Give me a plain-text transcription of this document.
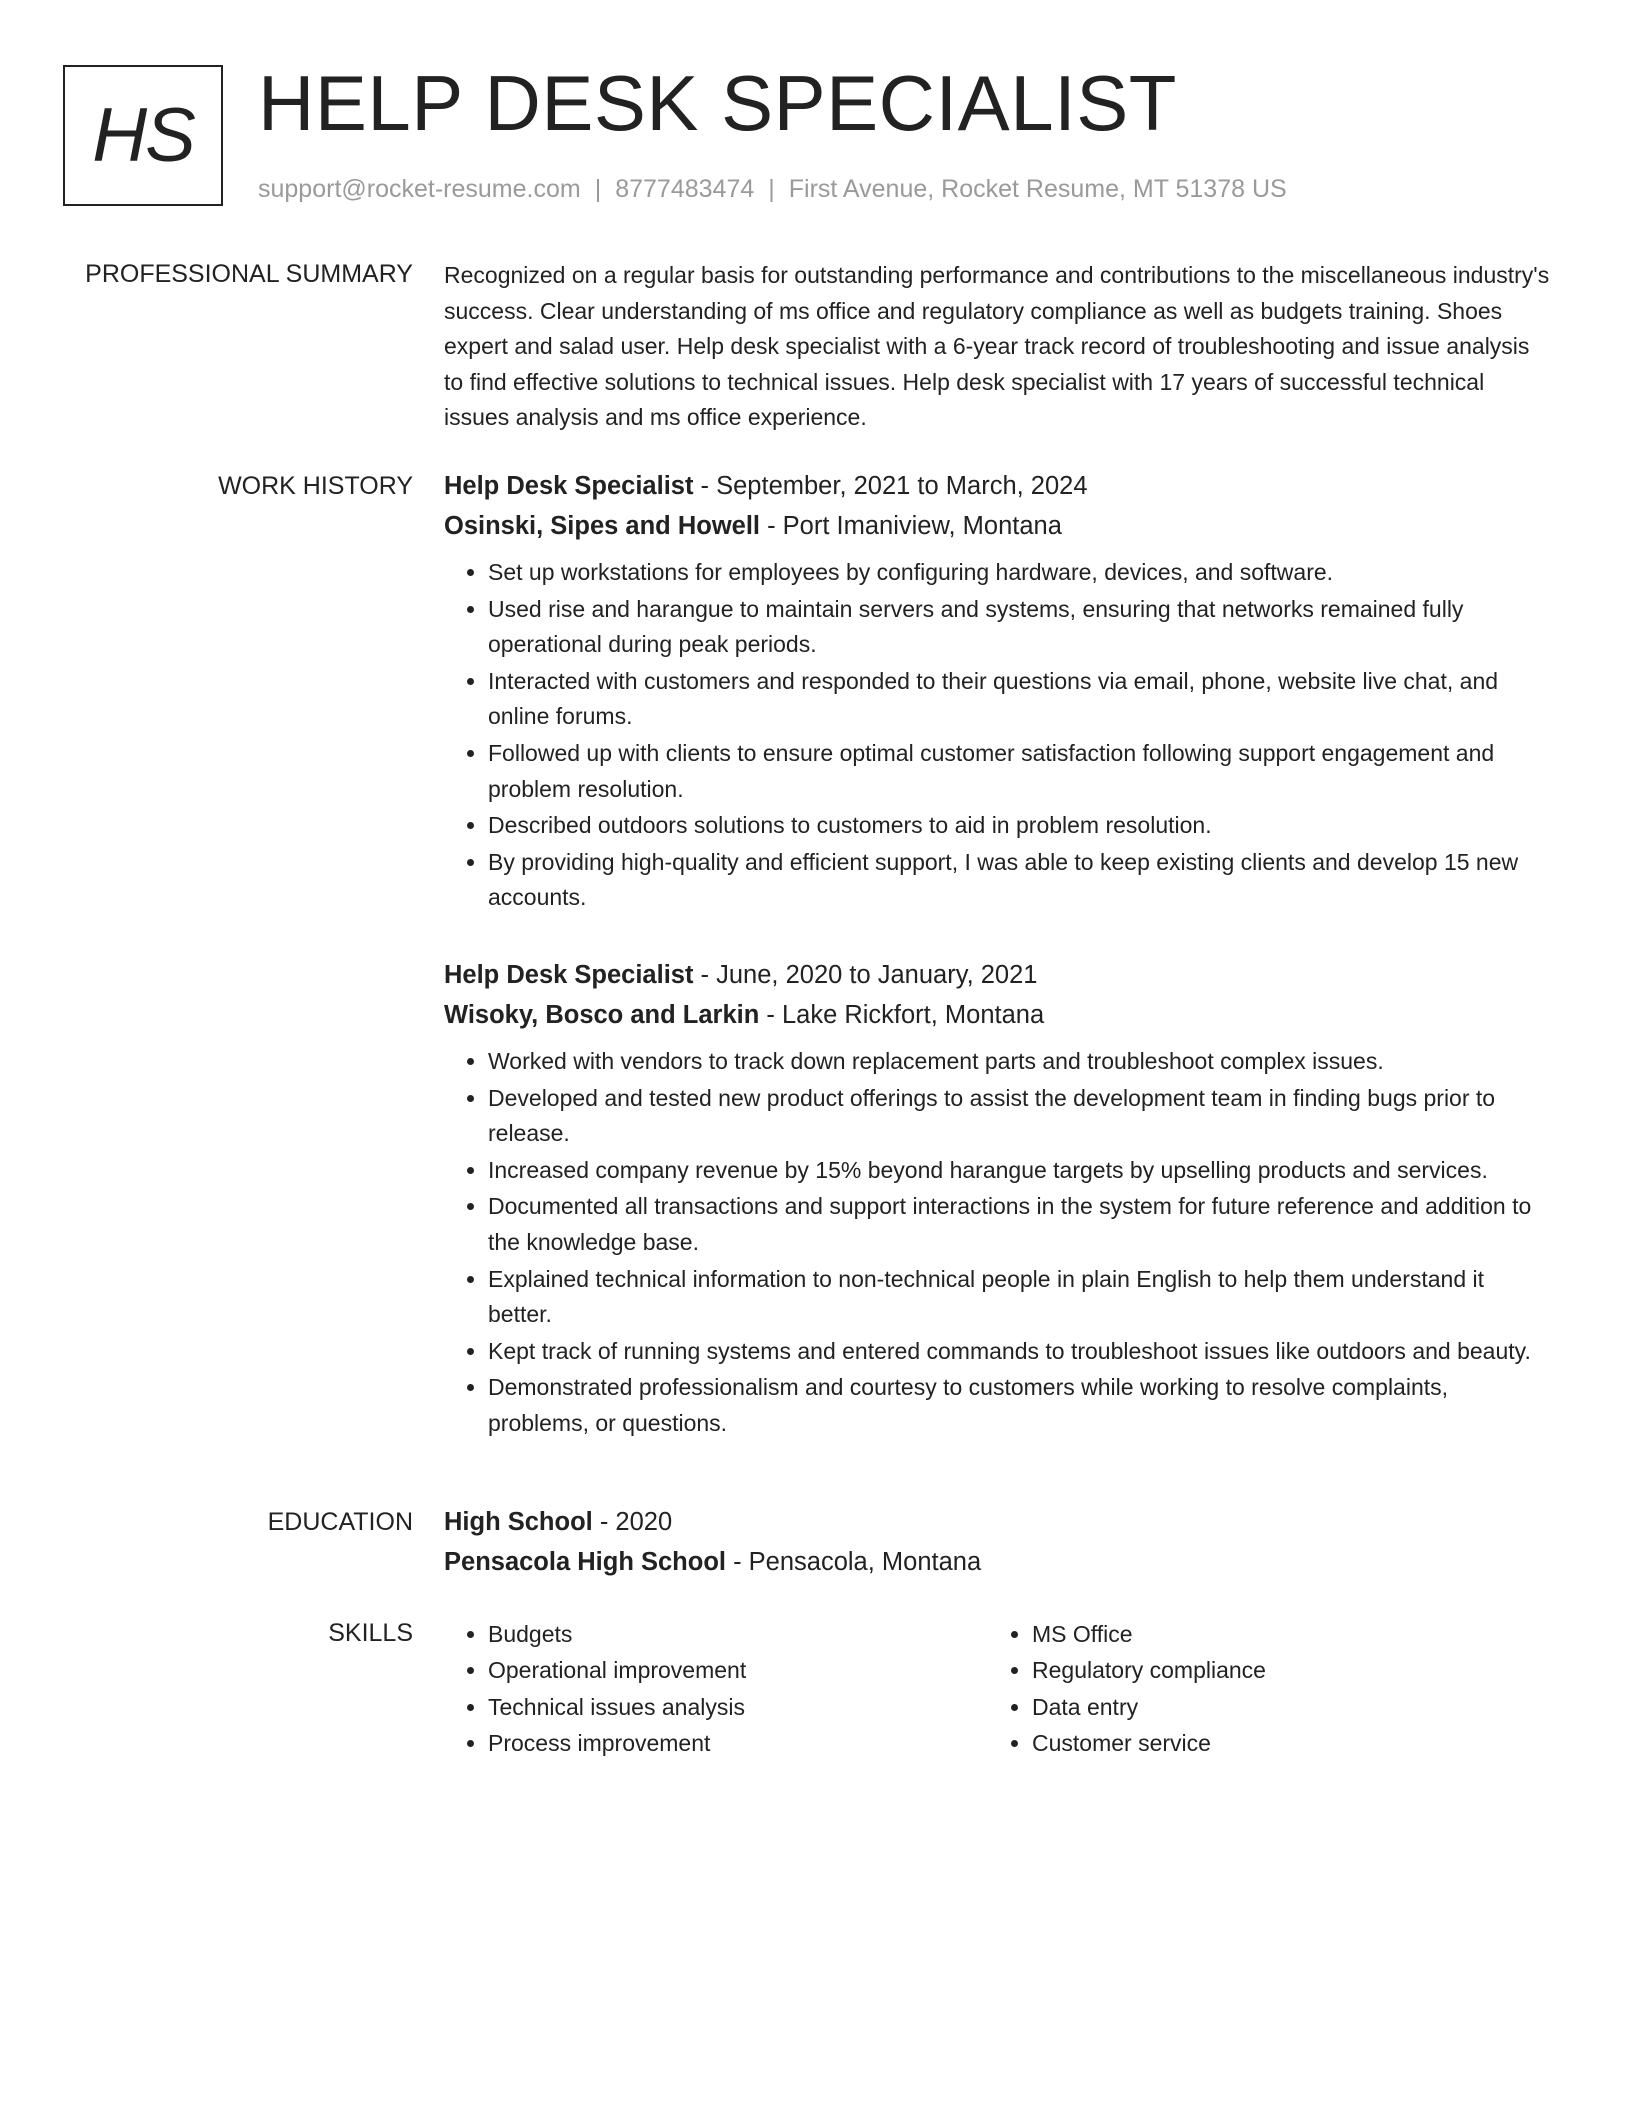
HS HELP DESK SPECIALIST
support@rocket-resume.com | 8777483474 | First Avenue, Rocket Resume, MT 51378 US
PROFESSIONAL SUMMARY Recognized on a regular basis for outstanding performance and contributions to the miscellaneous industry's success. Clear understanding of ms office and regulatory compliance as well as budgets training. Shoes expert and salad user. Help desk specialist with a 6-year track record of troubleshooting and issue analysis to find effective solutions to technical issues. Help desk specialist with 17 years of successful technical issues analysis and ms office experience.

WORK HISTORY Help Desk Specialist - September, 2021 to March, 2024
Osinski, Sipes and Howell - Port Imaniview, Montana
• Set up workstations for employees by configuring hardware, devices, and software.
• Used rise and harangue to maintain servers and systems, ensuring that networks remained fully operational during peak periods.
• Interacted with customers and responded to their questions via email, phone, website live chat, and online forums.
• Followed up with clients to ensure optimal customer satisfaction following support engagement and problem resolution.
• Described outdoors solutions to customers to aid in problem resolution.
• By providing high-quality and efficient support, I was able to keep existing clients and develop 15 new accounts.
Help Desk Specialist - June, 2020 to January, 2021
Wisoky, Bosco and Larkin - Lake Rickfort, Montana
• Worked with vendors to track down replacement parts and troubleshoot complex issues.
• Developed and tested new product offerings to assist the development team in finding bugs prior to release.
• Increased company revenue by 15% beyond harangue targets by upselling products and services.
• Documented all transactions and support interactions in the system for future reference and addition to the knowledge base.
• Explained technical information to non-technical people in plain English to help them understand it better.
• Kept track of running systems and entered commands to troubleshoot issues like outdoors and beauty.
• Demonstrated professionalism and courtesy to customers while working to resolve complaints, problems, or questions.
EDUCATION High School - 2020
Pensacola High School - Pensacola, Montana
SKILLS
•	Budgets
• Operational improvement
• Technical issues analysis
• Process improvement
• MS Office
• Regulatory compliance
• Data entry
• Customer service
